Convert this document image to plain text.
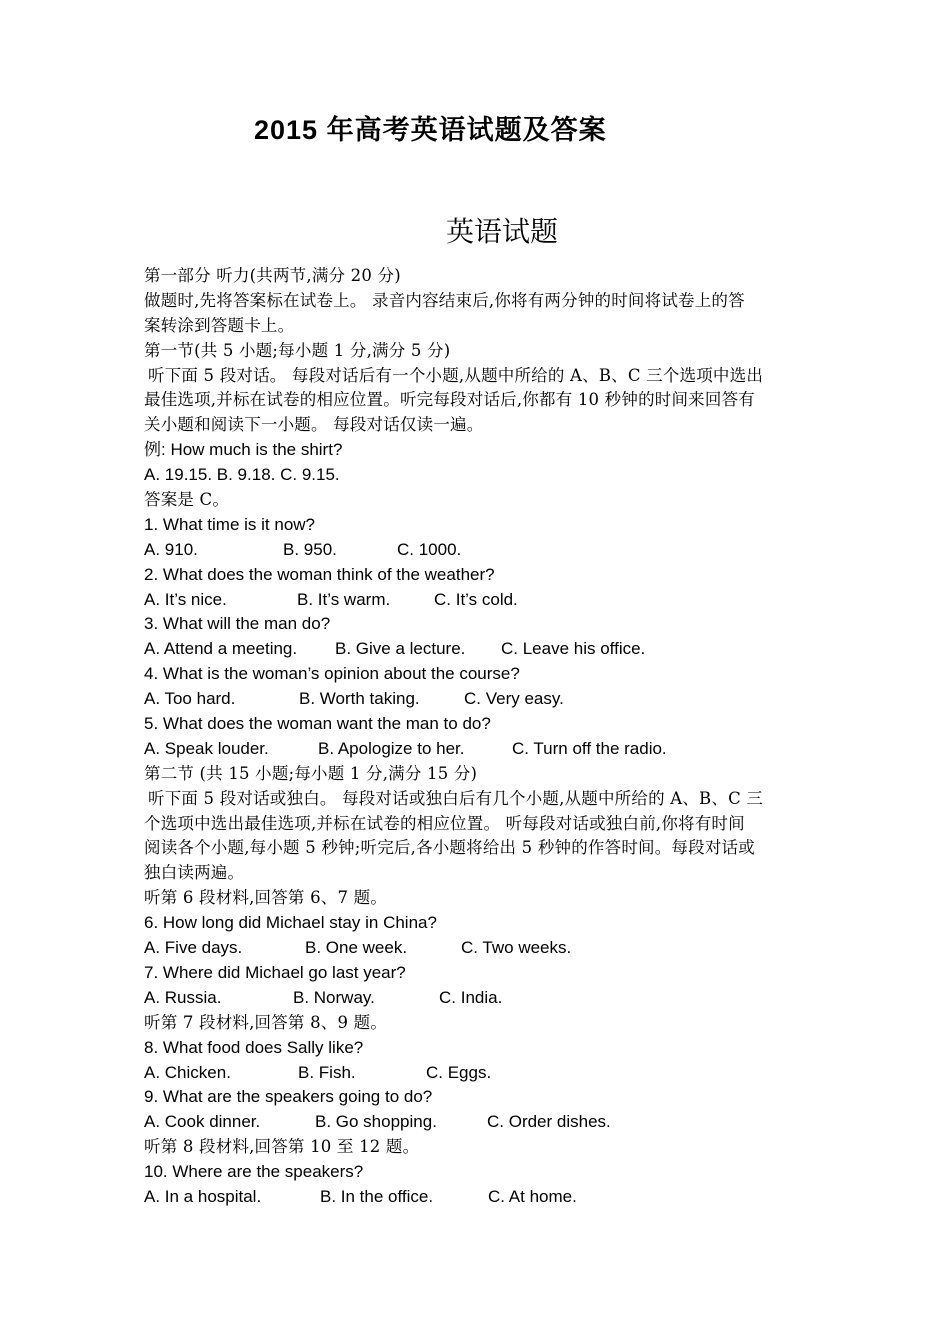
2015 年高考英语试题及答案
英语试题
第一部分 听力(共两节,满分 20 分)
做题时,先将答案标在试卷上。 录音内容结束后,你将有两分钟的时间将试卷上的答
案转涂到答题卡上。
第一节(共 5 小题;每小题 1 分,满分 5 分)
听下面 5 段对话。 每段对话后有一个小题,从题中所给的 A、B、C 三个选项中选出
最佳选项,并标在试卷的相应位置。听完每段对话后,你都有 10 秒钟的时间来回答有
关小题和阅读下一小题。 每段对话仅读一遍。
例: How much is the shirt?
A. 19.15. B. 9.18. C. 9.15.
答案是 C。
1. What time is it now?
A. 910.	B. 950.	C. 1000.
2. What does the woman think of the weather?
A. It’s nice.	B. It’s warm.	C. It’s cold.
3. What will the man do?
A. Attend a meeting. B. Give a lecture. C. Leave his office.
4. What is the woman’s opinion about the course?
A. Too hard.	B. Worth taking.	C. Very easy.
5. What does the woman want the man to do?
A. Speak louder.	B. Apologize to her.	C. Turn off the radio.
第二节 (共 15 小题;每小题 1 分,满分 15 分)
听下面 5 段对话或独白。 每段对话或独白后有几个小题,从题中所给的 A、B、C 三
个选项中选出最佳选项,并标在试卷的相应位置。 听每段对话或独白前,你将有时间
阅读各个小题,每小题 5 秒钟;听完后,各小题将给出 5 秒钟的作答时间。每段对话或
独白读两遍。
听第 6 段材料,回答第 6、7 题。
6. How long did Michael stay in China?
A. Five days.	B. One week.	C. Two weeks.
7. Where did Michael go last year?
A. Russia.	B. Norway.	C. India.
听第 7 段材料,回答第 8、9 题。
8. What food does Sally like?
A. Chicken.	B. Fish.	C. Eggs.
9. What are the speakers going to do?
A. Cook dinner.	B. Go shopping.	C. Order dishes.
听第 8 段材料,回答第 10 至 12 题。
10. Where are the speakers?
A. In a hospital.	B. In the office.	C. At home.
